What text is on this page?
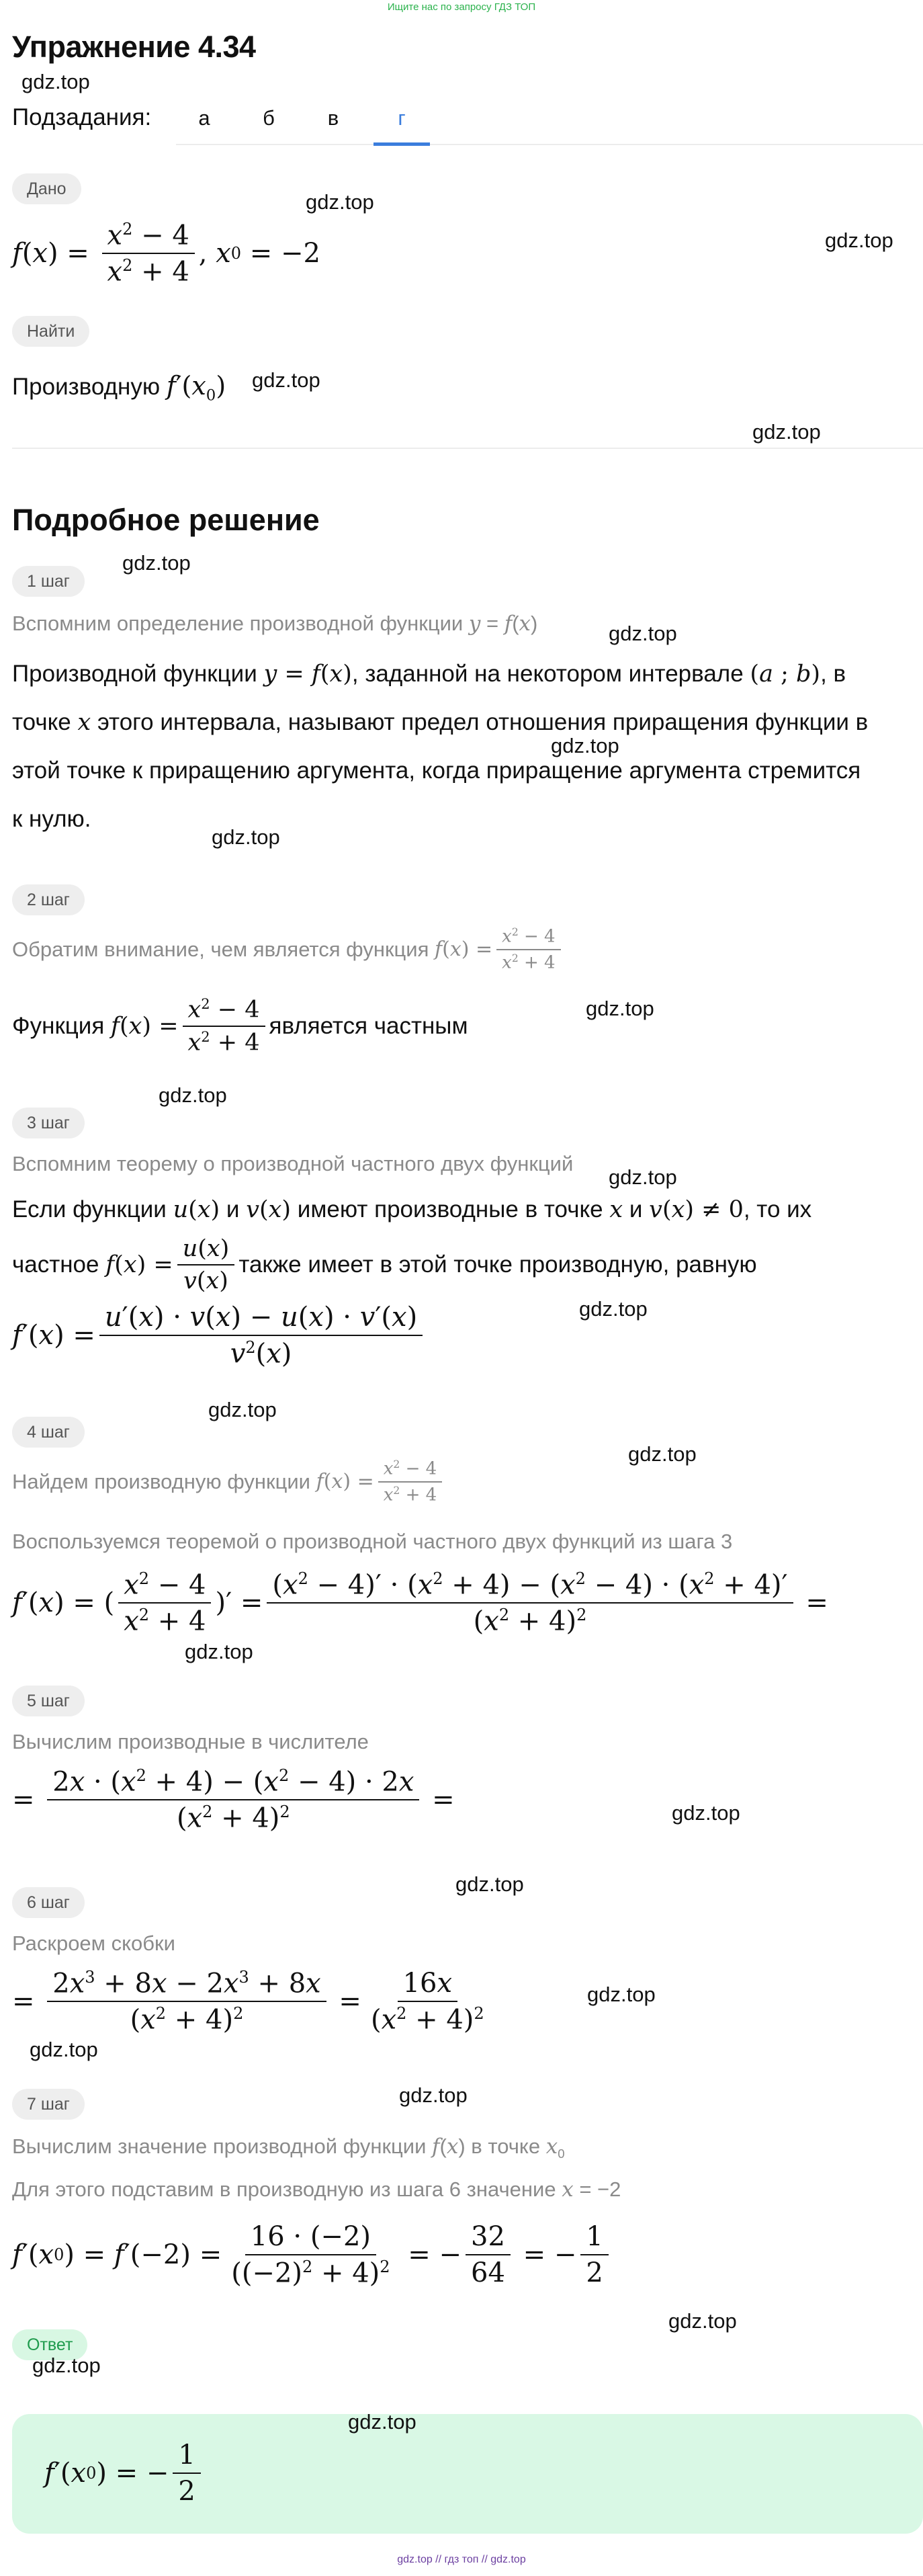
Ищите нас по запросу ГДЗ ТОП
Упражнение 4.34
gdz.top
Подзадания:	а	б	в	г
Дано
gdz.top
f ( x ) = $\frac{x^2 - 4}{x^2 + 4}$ , x 0 = −2	gdz.top
Найти
Производную $f'(x_0)$ gdz.top
gdz.top
Подробное решение
1 шаг
gdz.top
Вспомним определение производной функции y = f(x)	gdz.top
Производной функции y = f(x), заданной на некотором интервале (a ; b), в
точке x этого интервала, называют предел отношения приращения функции в
gdz.top
этой точке к приращению аргумента, когда приращение аргумента стремится
к нулю.
gdz.top
2 шаг
Обратим внимание, чем является функция
$f(x) = \frac{x^2 - 4}{x^2 + 4}$
gdz.top
Функция
$f(x) = \frac{x^2 - 4}{x^2 + 4}$ является частным
gdz.top
3 шаг
Вспомним теорему о производной частного двух функций
gdz.top
Если функции u(x) и v(x) имеют производные в точке x и v(x) ≠ 0, то их
частное
$f(x) = \frac{u(x)}{v(x)}$ также имеет в этой точке производную, равную
gdz.top
f ′( x ) = $\frac{u'(x) \cdot v(x) - u(x) \cdot v'(x)}{v^2(x)}$
gdz.top
4 шаг
gdz.top
Найдем производную функции
$f(x) = \frac{x^2 - 4}{x^2 + 4}$
Воспользуемся теоремой о производной частного двух функций из шага 3
f ′( x ) = ( $\frac{x^2 - 4}{x^2 + 4}$ )′ = $\frac{(x^2 - 4)' \cdot (x^2 + 4) - (x^2 - 4) \cdot (x^2 + 4)'}{(x^2 + 4)^2}$ =
gdz.top
5 шаг
Вычислим производные в числителе
= $\frac{2x \cdot (x^2 + 4) - (x^2 - 4) \cdot 2x}{(x^2 + 4)^2}$ =	gdz.top
gdz.top
6 шаг
Раскроем скобки
= $\frac{2x^3 + 8x - 2x^3 + 8x}{(x^2 + 4)^2} = \frac{16x}{(x^2 + 4)^2}$	gdz.top
gdz.top
gdz.top
7 шаг
Вычислим значение производной функции f(x) в точке $x_0$
Для этого подставим в производную из шага 6 значение x = −2
f ′( x 0 ) = f $'(-2) = \frac{16 \cdot (-2)}{((-2)^2 + 4)^2}$ = − $\frac{32}{64}$ = − $\frac{1}{2}$
gdz.top
Ответ
gdz.top
f ′( x 0 ) = − $\frac{1}{2}$
gdz.top
gdz.top // гдз топ // gdz.top
